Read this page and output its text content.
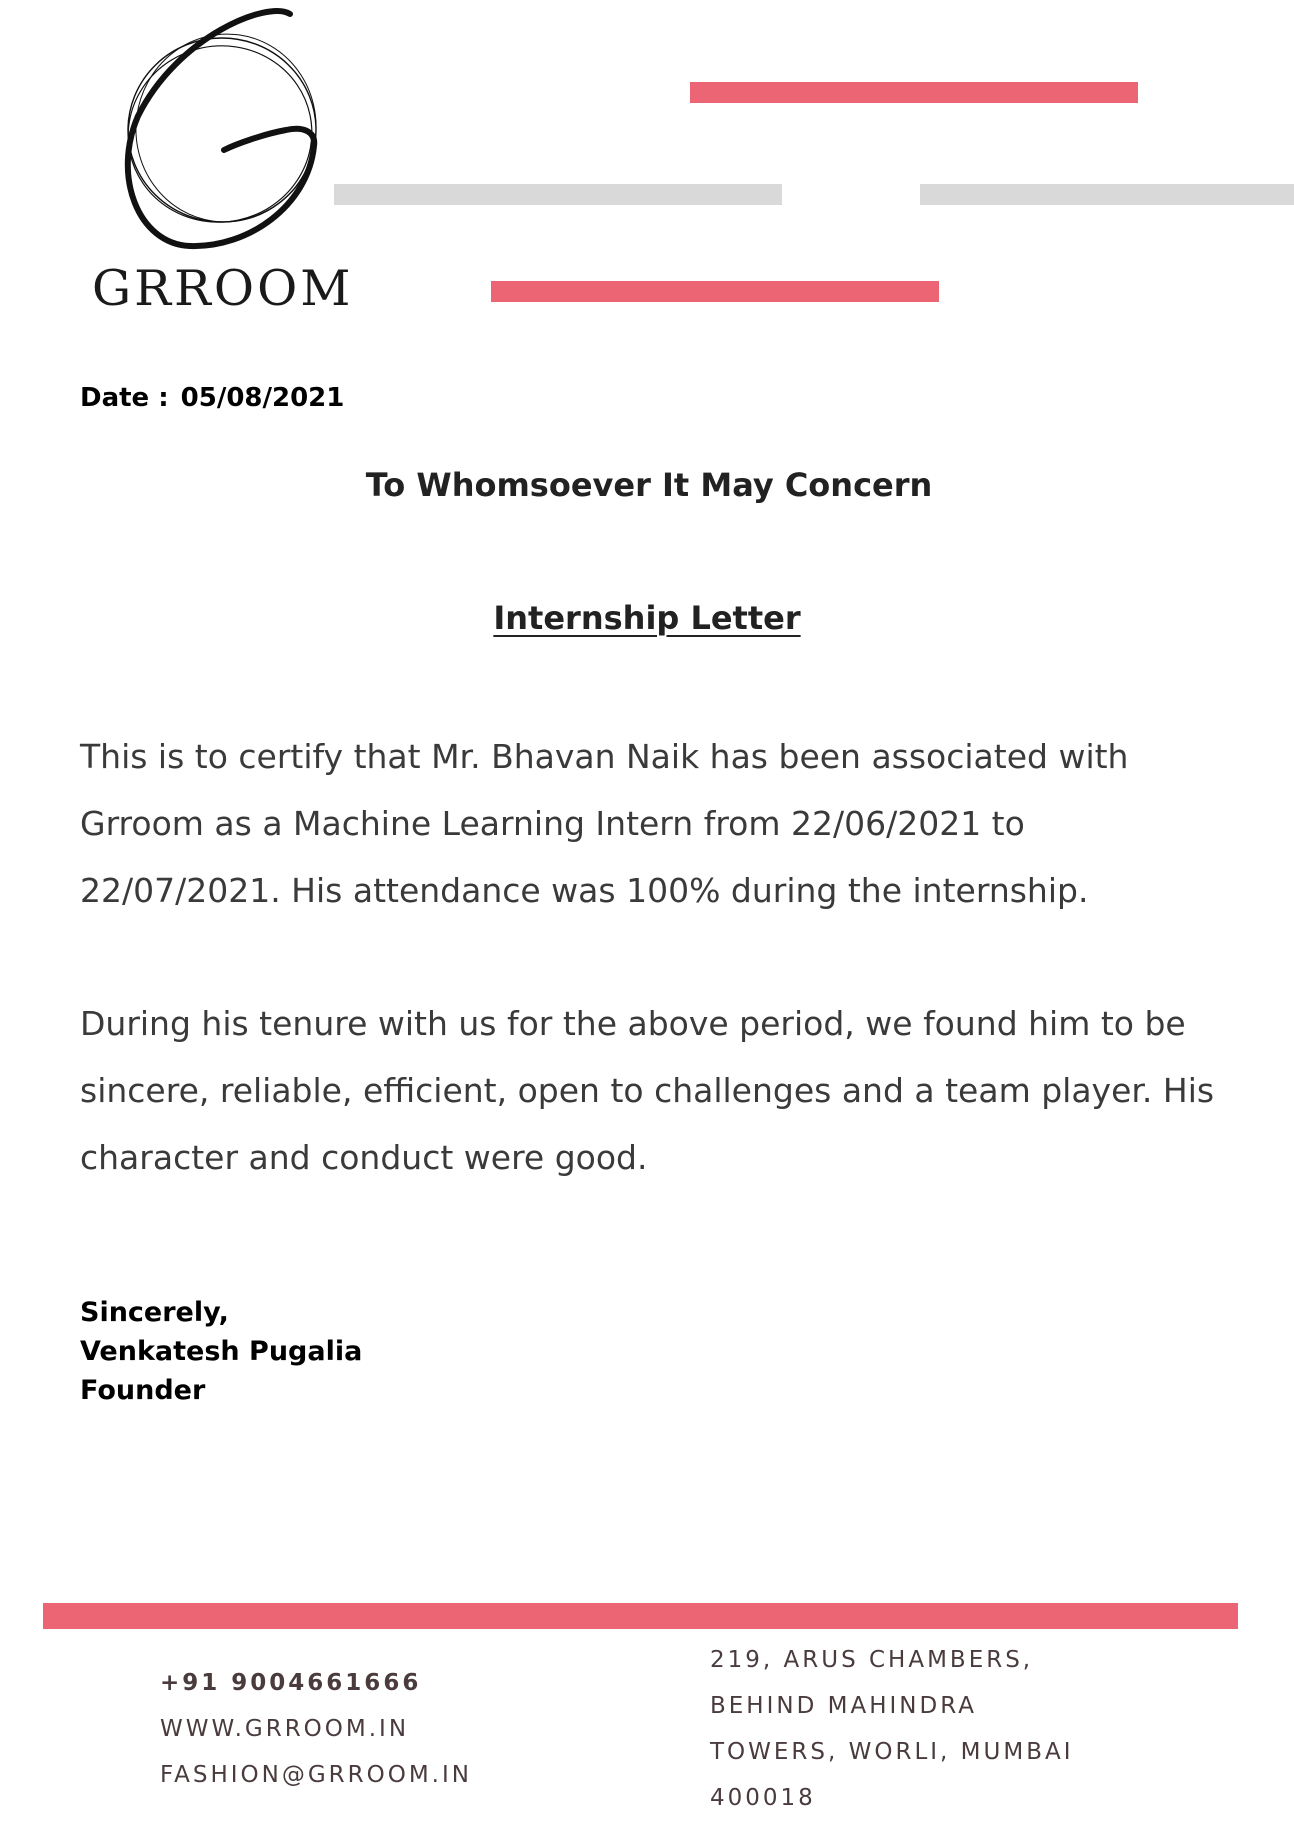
GRROOM
Date : 05/08/2021
To Whomsoever It May Concern
Internship Letter

This is to certify that Mr. Bhavan Naik has been associated with Grroom as a Machine Learning Intern from 22/06/2021 to 22/07/2021. His attendance was 100% during the internship.

During his tenure with us for the above period, we found him to be sincere, reliable, efficient, open to challenges and a team player. His character and conduct were good.

Sincerely,
Venkatesh Pugalia
Founder
+91 9004661666
WWW.GRROOM.IN
FASHION@GRROOM.IN
219, ARUS CHAMBERS,
BEHIND MAHINDRA
TOWERS, WORLI, MUMBAI
400018
